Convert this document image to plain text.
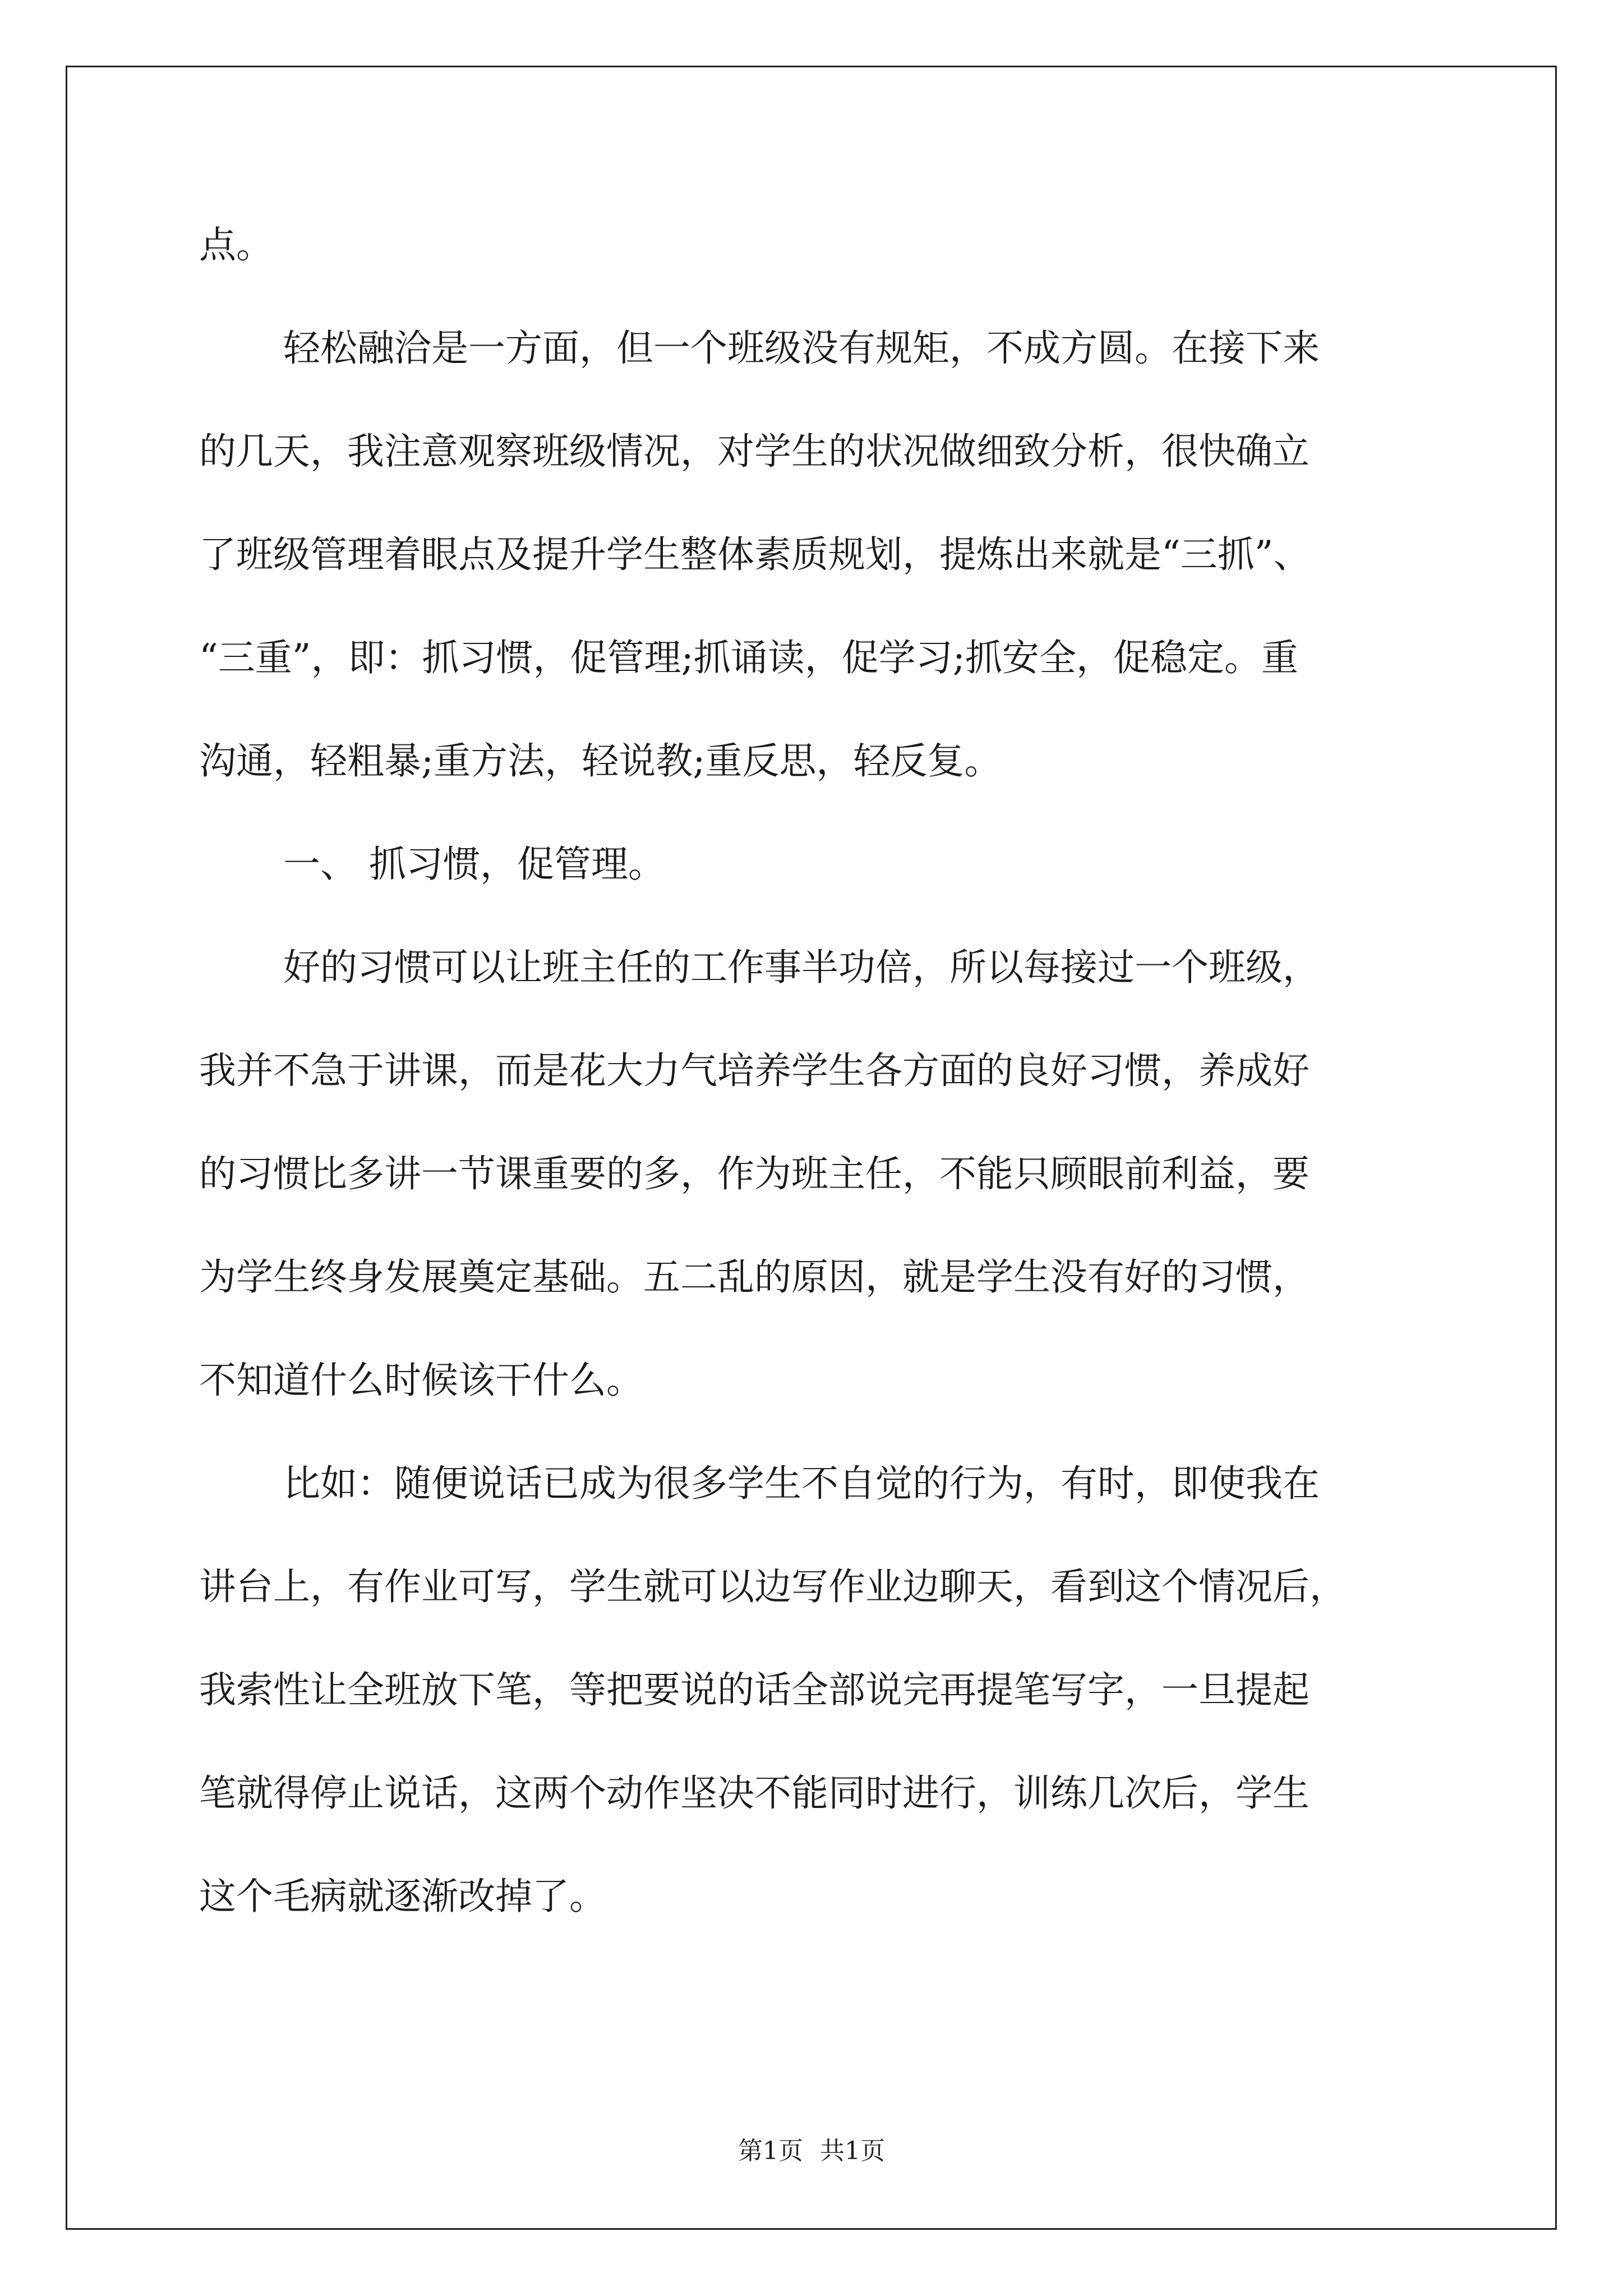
点。
轻松融洽是一方面，但一个班级没有规矩，不成方圆。在接下来
的几天，我注意观察班级情况，对学生的状况做细致分析，很快确立
了班级管理着眼点及提升学生整体素质规划，提炼出来就是“三抓”、
“三重”，即：抓习惯，促管理;抓诵读，促学习;抓安全，促稳定。重
沟通，轻粗暴;重方法，轻说教;重反思，轻反复。
一、 抓习惯，促管理。
好的习惯可以让班主任的工作事半功倍，所以每接过一个班级，
我并不急于讲课，而是花大力气培养学生各方面的良好习惯，养成好
的习惯比多讲一节课重要的多，作为班主任，不能只顾眼前利益，要
为学生终身发展奠定基础。五二乱的原因，就是学生没有好的习惯，
不知道什么时候该干什么。
比如：随便说话已成为很多学生不自觉的行为，有时，即使我在
讲台上，有作业可写，学生就可以边写作业边聊天，看到这个情况后，
我索性让全班放下笔，等把要说的话全部说完再提笔写字，一旦提起
笔就得停止说话，这两个动作坚决不能同时进行，训练几次后，学生
这个毛病就逐渐改掉了。
第1页 共1页
